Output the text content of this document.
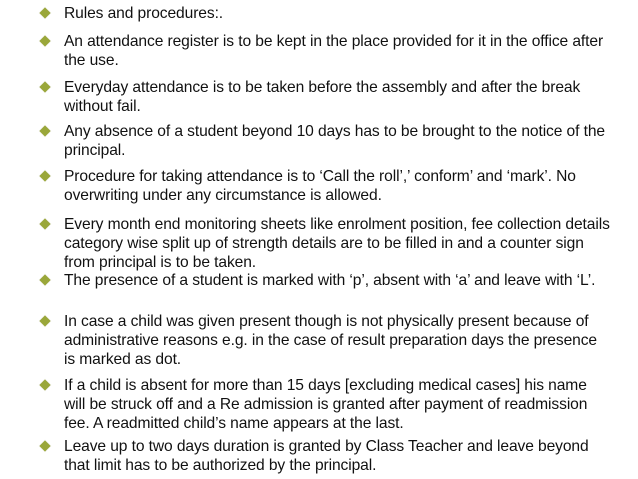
Rules and procedures:.
An attendance register is to be kept in the place provided for it in the office after the use.
Everyday attendance is to be taken before the assembly and after the break without fail.
Any absence of a student beyond 10 days has to be brought to the notice of the principal.
Procedure for taking attendance is to ‘Call the roll’,’ conform’ and ‘mark’. No overwriting under any circumstance is allowed.
Every month end monitoring sheets like enrolment position, fee collection details category wise split up of strength details are to be filled in and a counter sign from principal is to be taken.
The presence of a student is marked with ‘p’, absent with ‘a’ and leave with ‘L’.
In case a child was given present though is not physically present because of administrative reasons e.g. in the case of result preparation days the presence is marked as dot.
If a child is absent for more than 15 days [excluding medical cases] his name will be struck off and a Re admission is granted after payment of readmission fee. A readmitted child’s name appears at the last.
Leave up to two days duration is granted by Class Teacher and leave beyond that limit has to be authorized by the principal.
